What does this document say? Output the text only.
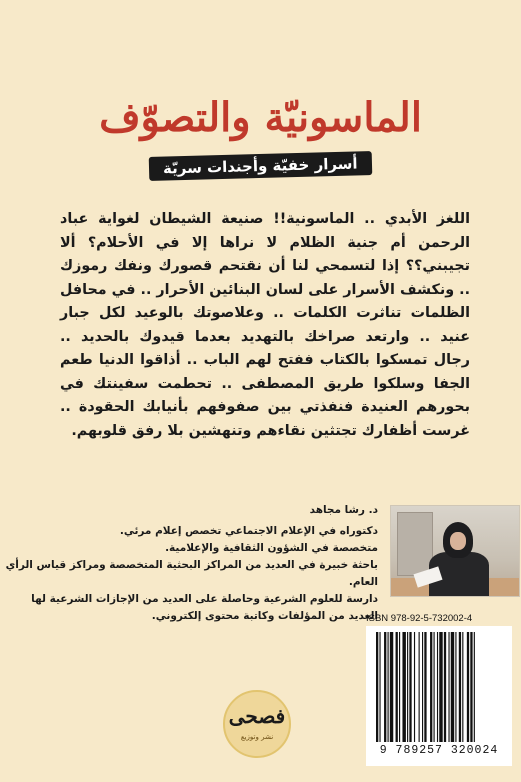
الماسونيّة والتصوّف
أسرار خفيّة وأجندات سريّة

اللغز الأبدي .. الماسونية!! صنيعة الشيطان لغواية عباد الرحمن أم جنية الظلام لا نراها إلا في الأحلام؟ ألا تجيبني؟؟ إذا لتسمحي لنا أن نقتحم قصورك ونفك رموزك .. ونكشف الأسرار على لسان البنائين الأحرار .. في محافل الظلمات تناثرت الكلمات .. وعلاصوتك بالوعيد لكل جبار عنيد .. وارتعد صراخك بالتهديد بعدما قيدوك بالحديد .. رجال تمسكوا بالكتاب ففتح لهم الباب .. أذاقوا الدنيا طعم الجفا وسلكوا طريق المصطفى .. تحطمت سفينتك في بحورهم العنيدة فنفذتي بين صفوفهم بأنيابك الحقودة .. غرست أظفارك تجتثين نقاءهم وتنهشين بلا رفق قلوبهم.

د. رشا مجاهد
دكتوراه في الإعلام الاجتماعي تخصص إعلام مرئي.
متخصصة في الشؤون الثقافية والإعلامية.
باحثة خبيرة في العديد من المراكز البحثية المتخصصة ومراكز قياس الرأي العام.
دارسة للعلوم الشرعية وحاصلة على العديد من الإجازات الشرعية لها العديد من المؤلفات وكاتبة محتوى إلكتروني.
فصحى
نشر وتوزيع
ISBN 978-92-5-732002-4
9 789257 320024
